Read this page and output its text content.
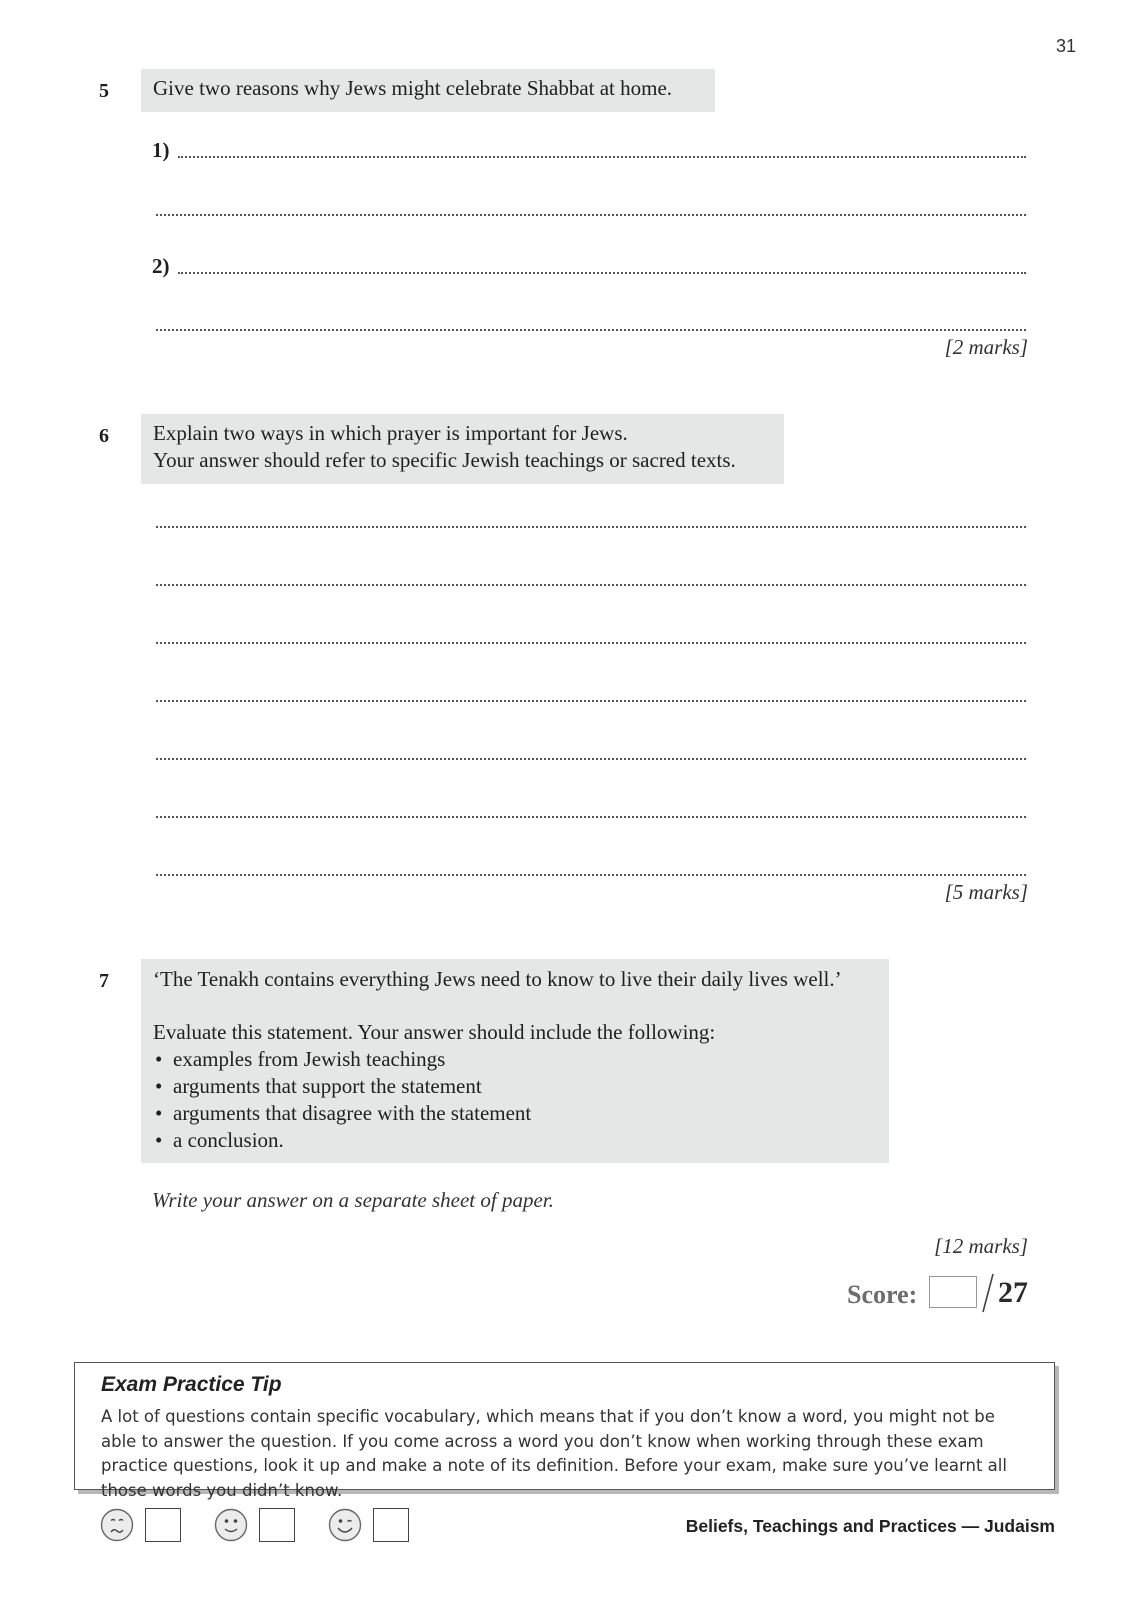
31
5 Give two reasons why Jews might celebrate Shabbat at home.

1)
2)
[2 marks]
6 Explain two ways in which prayer is important for Jews.

Your answer should refer to specific Jewish teachings or sacred texts.

[5 marks]
7 ‘The Tenakh contains everything Jews need to know to live their daily lives well.’

Evaluate this statement. Your answer should include the following:

• examples from Jewish teachings
• arguments that support the statement
• arguments that disagree with the statement
• a conclusion.
Write your answer on a separate sheet of paper.
[12 marks]
Score:	27
Exam Practice Tip
A lot of questions contain specific vocabulary, which means that if you don’t know a word, you might not be able to answer the question. If you come across a word you don’t know when working through these exam practice questions, look it up and make a note of its definition. Before your exam, make sure you’ve learnt all those words you didn’t know.
Beliefs, Teachings and Practices — Judaism
